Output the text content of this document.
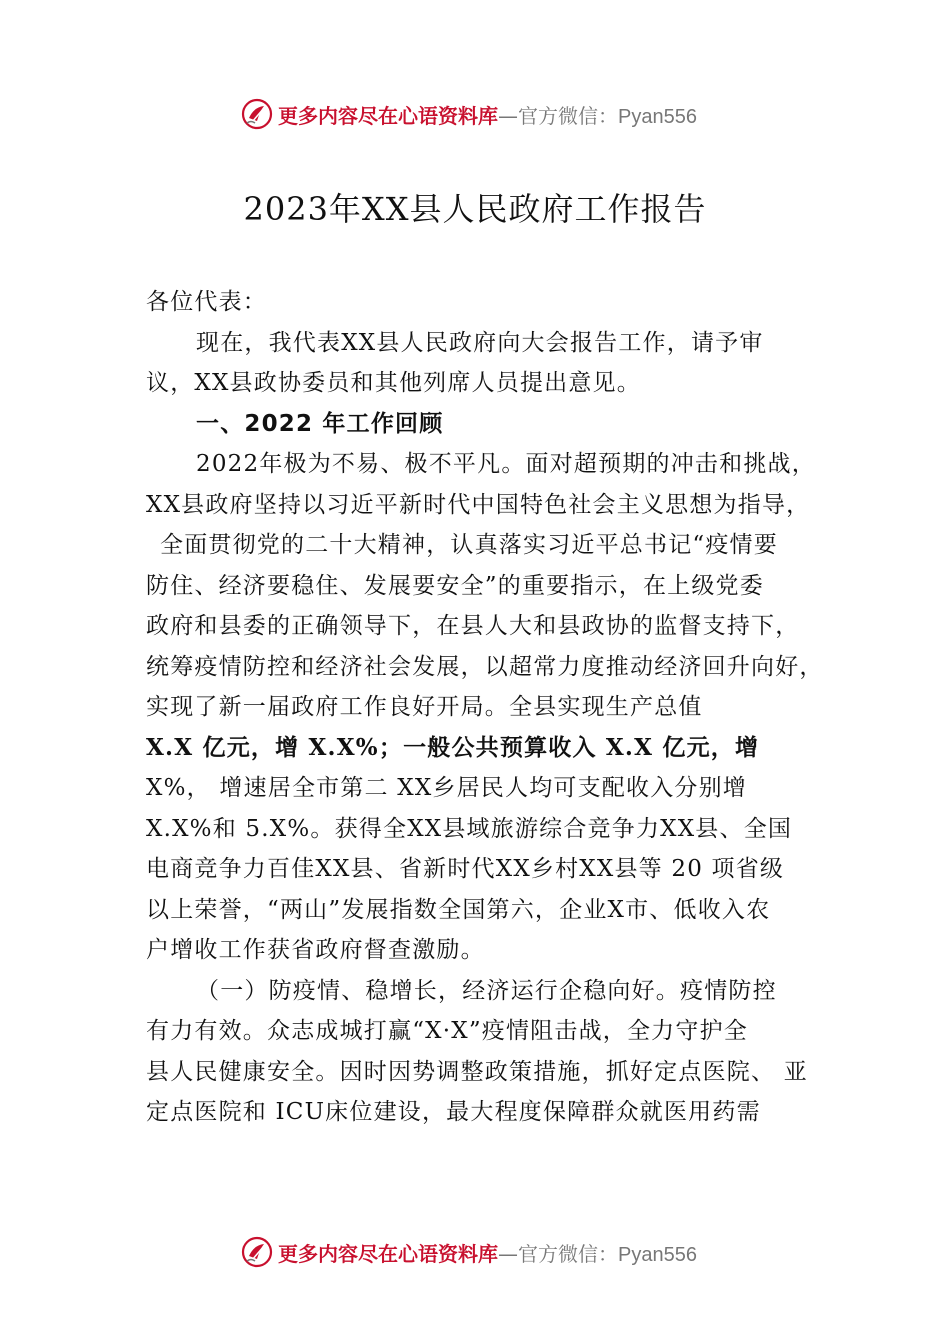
更多内容尽在心语资料库—官方微信：Pyan556
2023年XX县人民政府工作报告
各位代表：
现在，我代表XX县人民政府向大会报告工作，请予审
议，XX县政协委员和其他列席人员提出意见。
一、2022 年工作回顾
2022年极为不易、极不平凡。面对超预期的冲击和挑战，
XX县政府坚持以习近平新时代中国特色社会主义思想为指导，
全面贯彻党的二十大精神，认真落实习近平总书记“疫情要
防住、经济要稳住、发展要安全”的重要指示，在上级党委
政府和县委的正确领导下，在县人大和县政协的监督支持下，
统筹疫情防控和经济社会发展，以超常力度推动经济回升向好，
实现了新一届政府工作良好开局。全县实现生产总值
X.X 亿元，增 X.X%；一般公共预算收入 X.X 亿元，增
X%， 增速居全市第二 XX乡居民人均可支配收入分别增
X.X%和 5.X%。获得全XX县域旅游综合竞争力XX县、全国
电商竞争力百佳XX县、省新时代XX乡村XX县等 20 项省级
以上荣誉，“两山”发展指数全国第六，企业X市、低收入农
户增收工作获省政府督查激励。
（一）防疫情、稳增长，经济运行企稳向好。疫情防控
有力有效。众志成城打赢“X·X”疫情阻击战，全力守护全
县人民健康安全。因时因势调整政策措施，抓好定点医院、 亚
定点医院和 ICU床位建设，最大程度保障群众就医用药需
更多内容尽在心语资料库—官方微信：Pyan556
